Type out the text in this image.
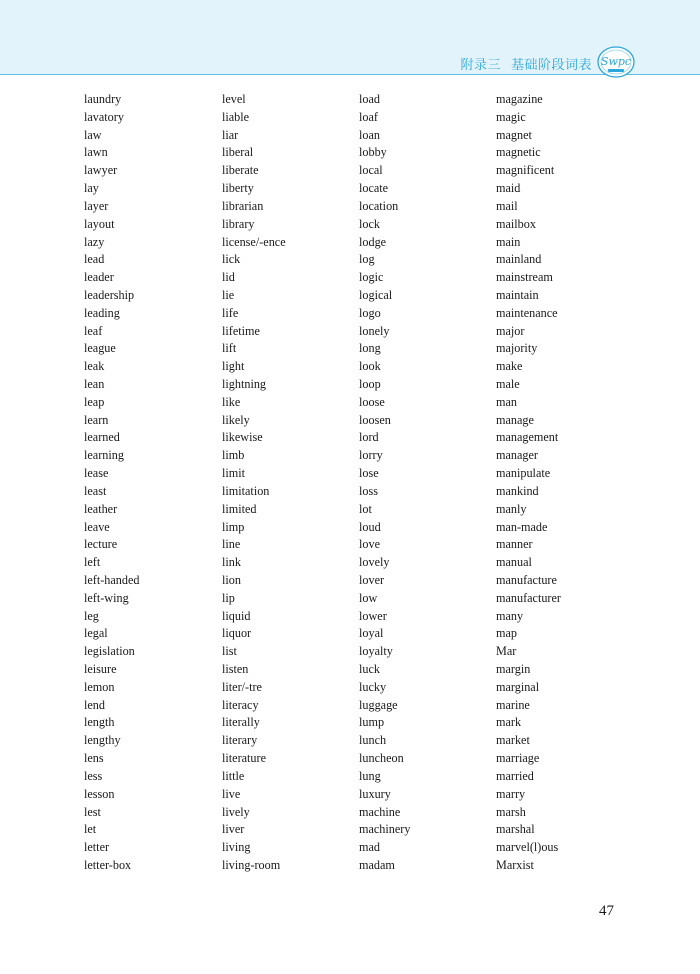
附录三 基础阶段词表 Swpc
laundry
lavatory
law
lawn
lawyer
lay
layer
layout
lazy
lead
leader
leadership
leading
leaf
league
leak
lean
leap
learn
learned
learning
lease
least
leather
leave
lecture
left
left-handed
left-wing
leg
legal
legislation
leisure
lemon
lend
length
lengthy
lens
less
lesson
lest
let
letter
letter-box
level
liable
liar
liberal
liberate
liberty
librarian
library
license/-ence
lick
lid
lie
life
lifetime
lift
light
lightning
like
likely
likewise
limb
limit
limitation
limited
limp
line
link
lion
lip
liquid
liquor
list
listen
liter/-tre
literacy
literally
literary
literature
little
live
lively
liver
living
living-room
load
loaf
loan
lobby
local
locate
location
lock
lodge
log
logic
logical
logo
lonely
long
look
loop
loose
loosen
lord
lorry
lose
loss
lot
loud
love
lovely
lover
low
lower
loyal
loyalty
luck
lucky
luggage
lump
lunch
luncheon
lung
luxury
machine
machinery
mad
madam
magazine
magic
magnet
magnetic
magnificent
maid
mail
mailbox
main
mainland
mainstream
maintain
maintenance
major
majority
make
male
man
manage
management
manager
manipulate
mankind
manly
man-made
manner
manual
manufacture
manufacturer
many
map
Mar
margin
marginal
marine
mark
market
marriage
married
marry
marsh
marshal
marvel(l)ous
Marxist
47
